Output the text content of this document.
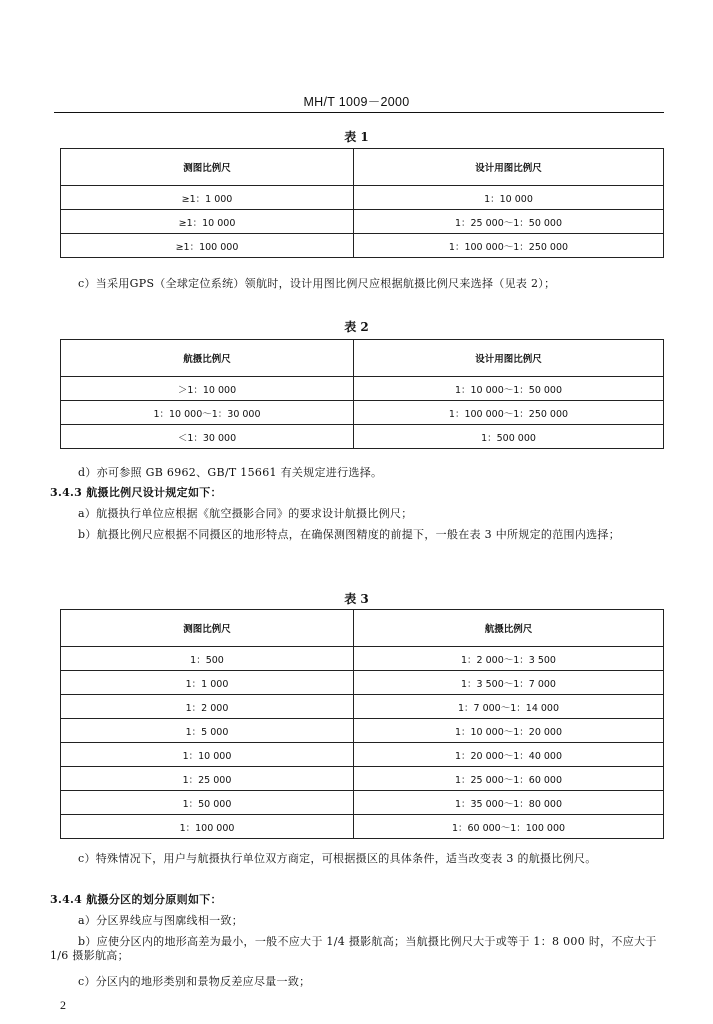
MH/T 1009－2000
表 1
测图比例尺	设计用图比例尺
≥1：1 000	1：10 000
≥1：10 000	1：25 000～1：50 000
≥1：100 000	1：100 000～1：250 000

c）当采用GPS（全球定位系统）领航时，设计用图比例尺应根据航摄比例尺来选择（见表 2）；

表 2
航摄比例尺	设计用图比例尺
＞1：10 000	1：10 000～1：50 000
1：10 000～1：30 000	1：100 000～1：250 000
＜1：30 000	1：500 000

d）亦可参照 GB 6962、GB/T 15661 有关规定进行选择。

3.4.3 航摄比例尺设计规定如下：

a）航摄执行单位应根据《航空摄影合同》的要求设计航摄比例尺；

b）航摄比例尺应根据不同摄区的地形特点，在确保测图精度的前提下，一般在表 3 中所规定的范围内选择；

表 3
测图比例尺	航摄比例尺
1：500	1：2 000～1：3 500
1：1 000	1：3 500～1：7 000
1：2 000	1：7 000～1：14 000
1：5 000	1：10 000～1：20 000
1：10 000	1：20 000～1：40 000
1：25 000	1：25 000～1：60 000
1：50 000	1：35 000～1：80 000
1：100 000	1：60 000～1：100 000

c）特殊情况下，用户与航摄执行单位双方商定，可根据摄区的具体条件，适当改变表 3 的航摄比例尺。

3.4.4 航摄分区的划分原则如下：

a）分区界线应与图廓线相一致；

b）应使分区内的地形高差为最小，一般不应大于 1/4 摄影航高；当航摄比例尺大于或等于 1：8 000 时，不应大于 1/6 摄影航高；

c）分区内的地形类别和景物反差应尽量一致；

2
